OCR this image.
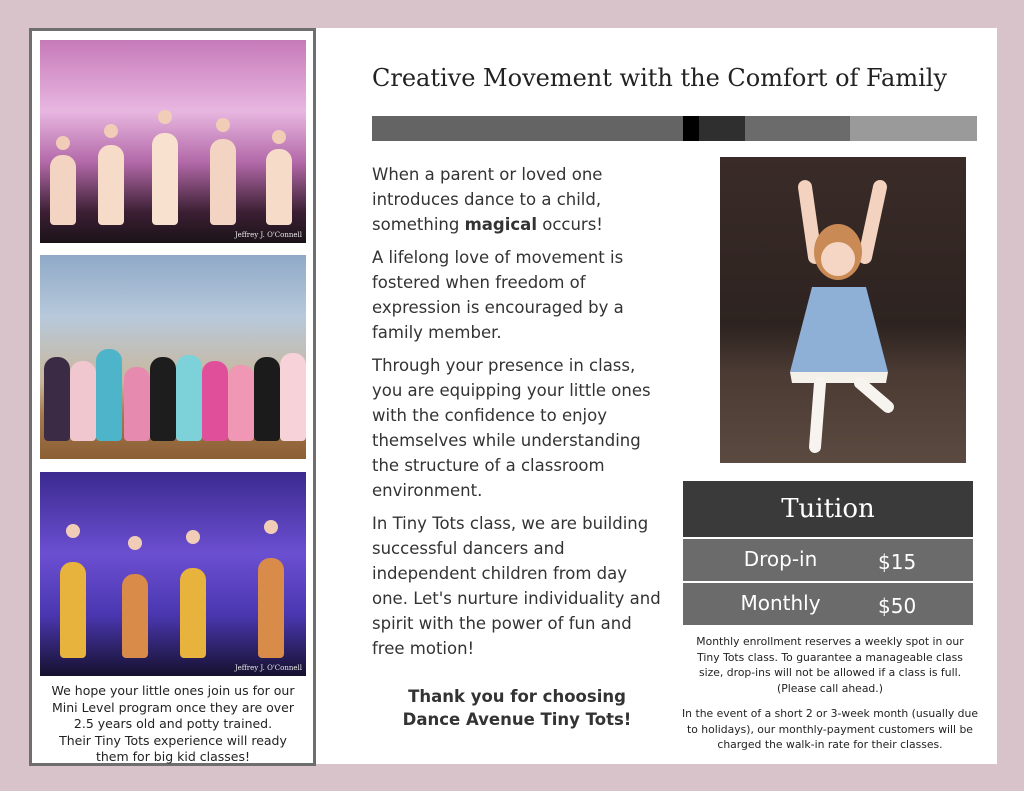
Jeffrey J. O'Connell
Jeffrey J. O'Connell
We hope your little ones join us for our
Mini Level program once they are over
2.5 years old and potty trained.
Their Tiny Tots experience will ready
them for big kid classes!
Creative Movement with the Comfort of Family

When a parent or loved one introduces dance to a child, something magical occurs!

A lifelong love of movement is fostered when freedom of expression is encouraged by a family member.

Through your presence in class, you are equipping your little ones with the confidence to enjoy themselves while understanding the structure of a classroom environment.

In Tiny Tots class, we are building successful dancers and independent children from day one. Let's nurture individuality and spirit with the power of fun and free motion!

Thank you for choosing
Dance Avenue Tiny Tots!
Tuition
Drop-in	$15
Monthly	$50
Monthly enrollment reserves a weekly spot in our
Tiny Tots class. To guarantee a manageable class
size, drop-ins will not be allowed if a class is full.
(Please call ahead.)
In the event of a short 2 or 3-week month (usually due
to holidays), our monthly-payment customers will be
charged the walk-in rate for their classes.
